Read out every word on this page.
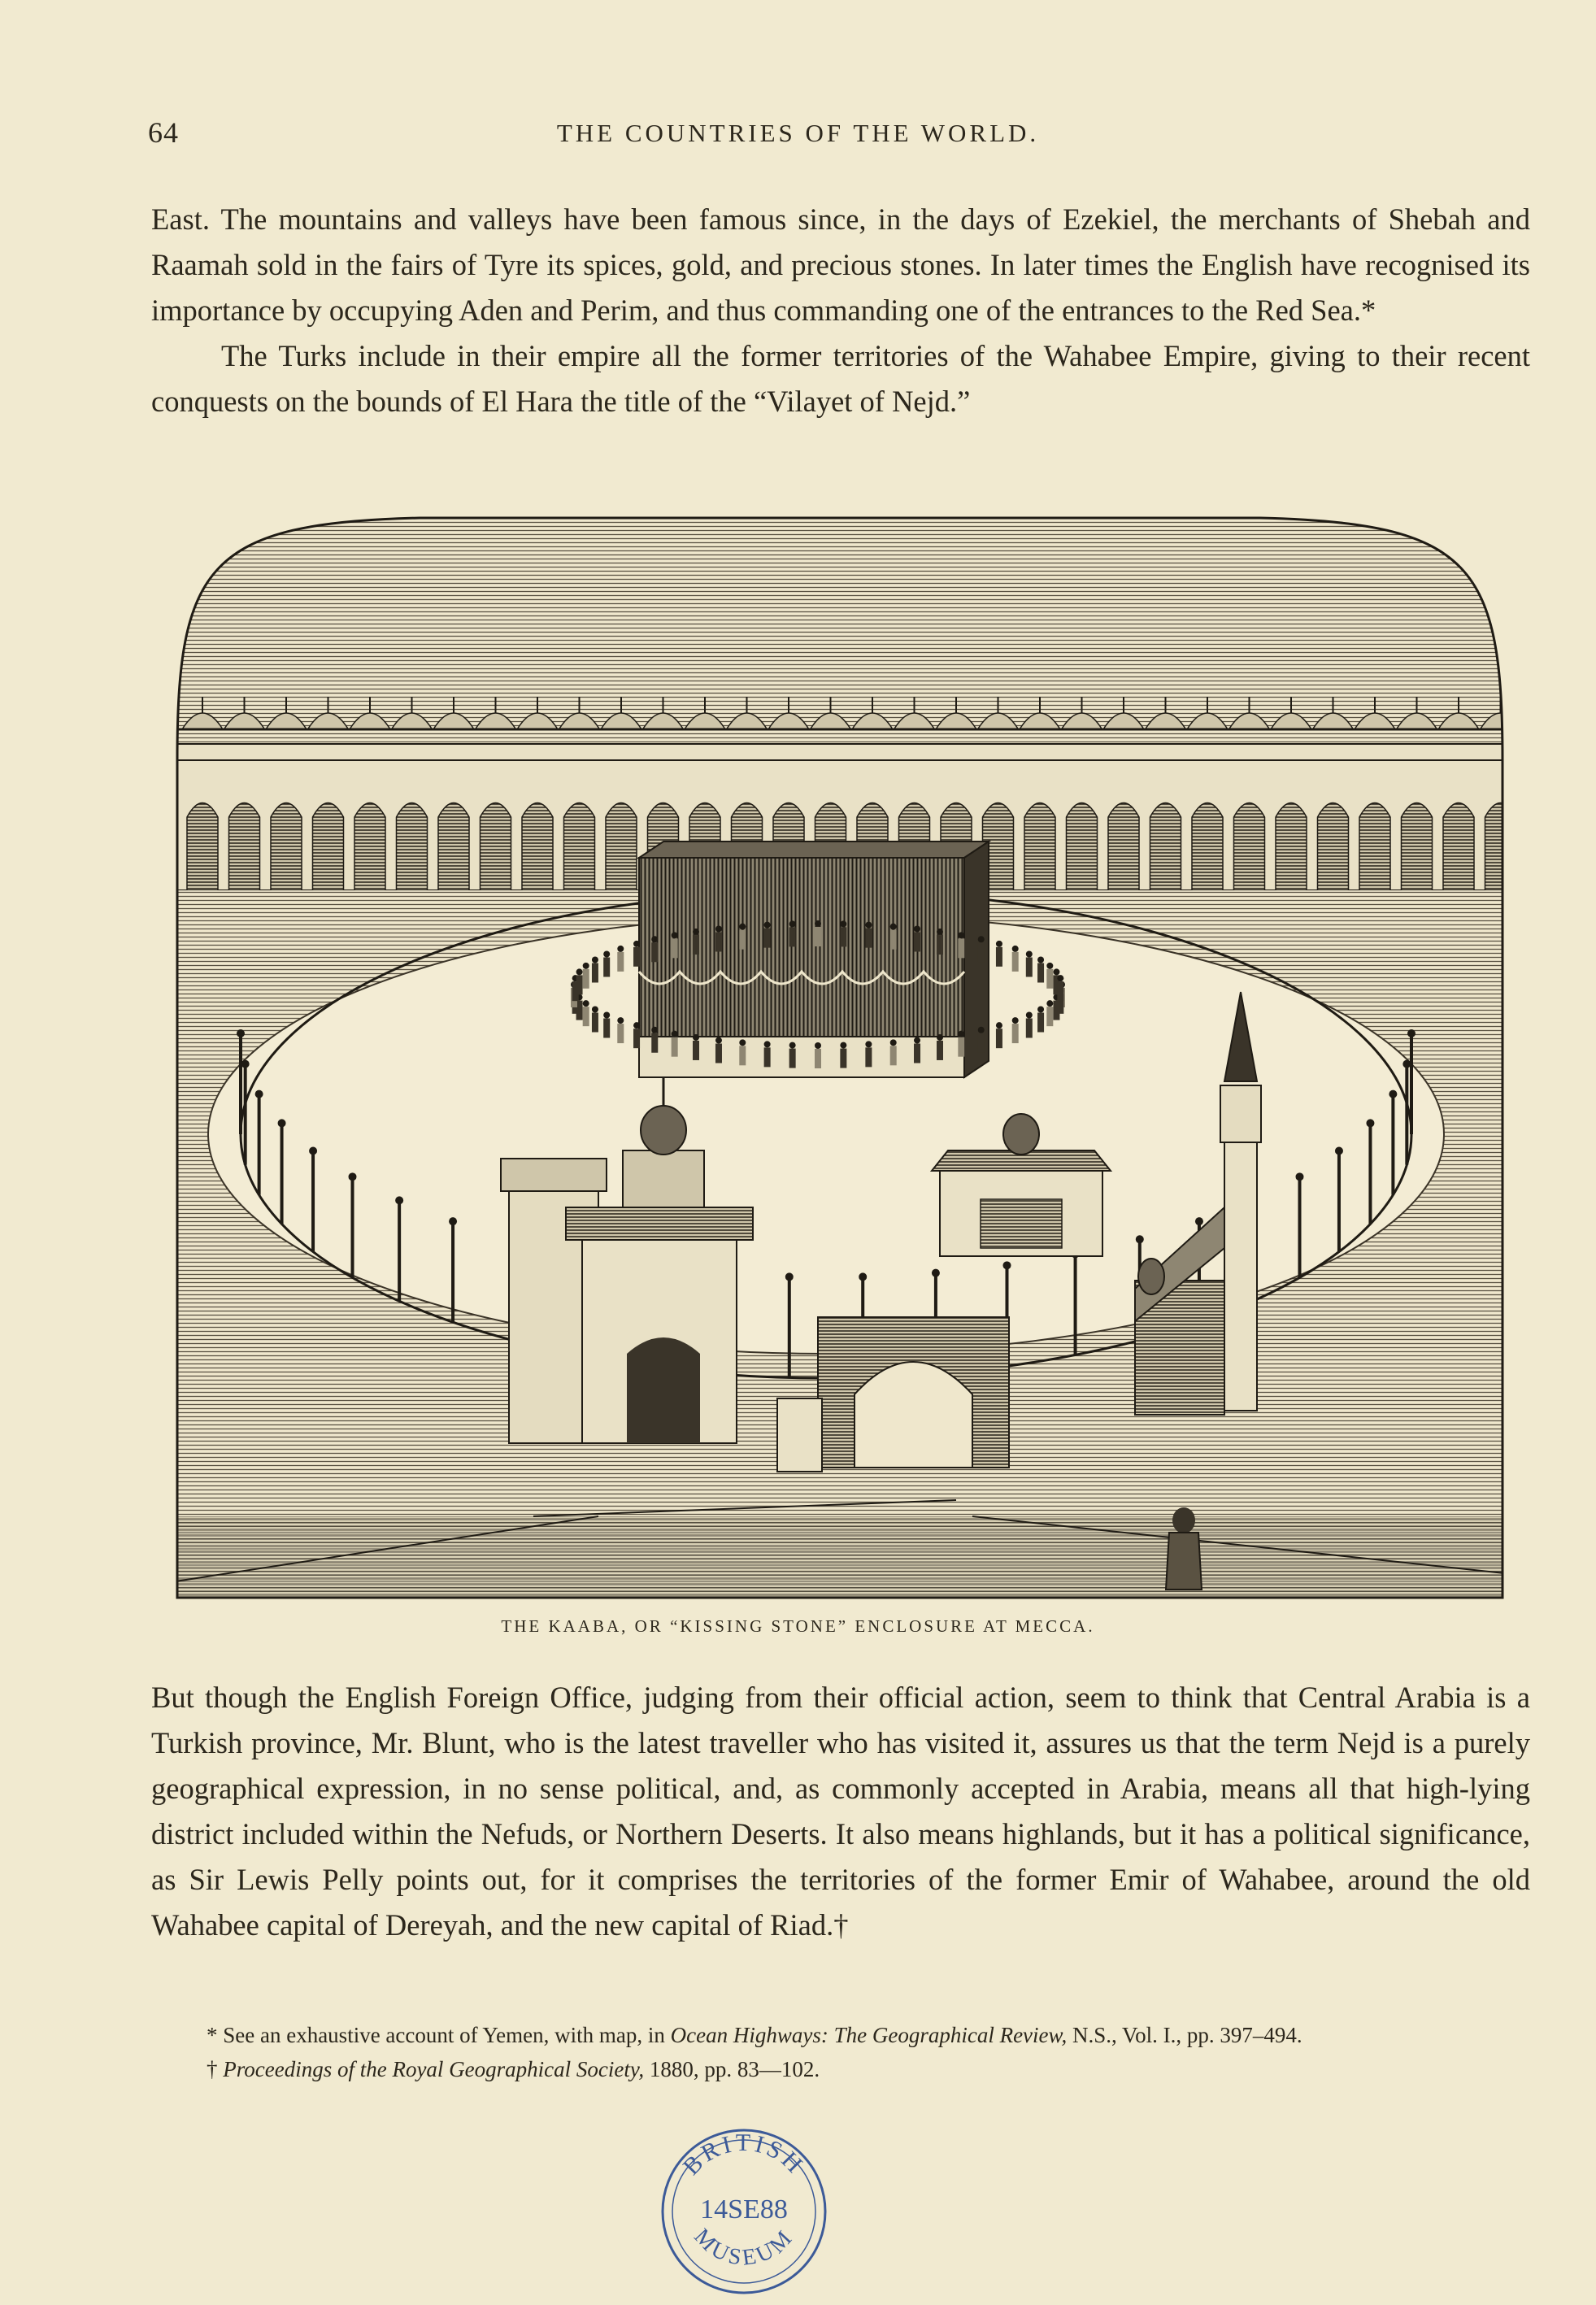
64	THE COUNTRIES OF THE WORLD.

East. The mountains and valleys have been famous since, in the days of Ezekiel, the merchants of Shebah and Raamah sold in the fairs of Tyre its spices, gold, and precious stones. In later times the English have recognised its importance by occupying Aden and Perim, and thus commanding one of the entrances to the Red Sea.*

The Turks include in their empire all the former territories of the Wahabee Empire, giving to their recent conquests on the bounds of El Hara the title of the “Vilayet of Nejd.”

THE KAABA, OR “KISSING STONE” ENCLOSURE AT MECCA.

But though the English Foreign Office, judging from their official action, seem to think that Central Arabia is a Turkish province, Mr. Blunt, who is the latest traveller who has visited it, assures us that the term Nejd is a purely geographical expression, in no sense political, and, as commonly accepted in Arabia, means all that high-lying district included within the Nefuds, or Northern Deserts. It also means highlands, but it has a political significance, as Sir Lewis Pelly points out, for it comprises the territories of the former Emir of Wahabee, around the old Wahabee capital of Dereyah, and the new capital of Riad.†

* See an exhaustive account of Yemen, with map, in Ocean Highways: The Geographical Review, N.S., Vol. I., pp. 397–494.

† Proceedings of the Royal Geographical Society, 1880, pp. 83—102.

BRITISH
14SE88
MUSEUM
